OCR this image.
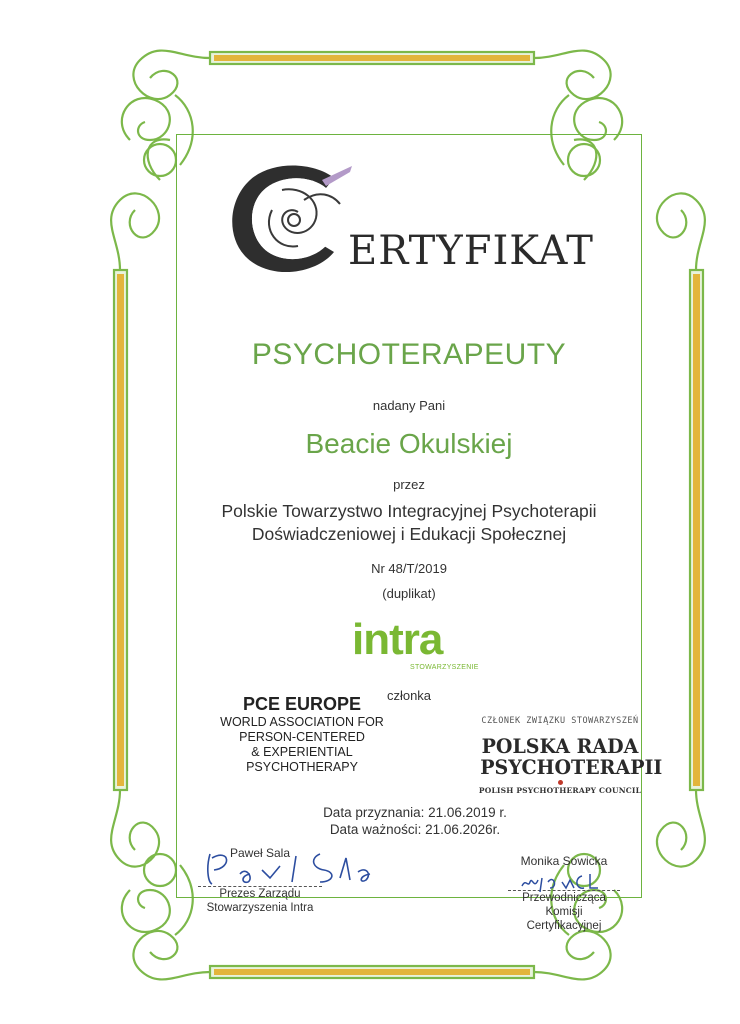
ERTYFIKAT
PSYCHOTERAPEUTY
nadany Pani
Beacie Okulskiej
przez
Polskie Towarzystwo Integracyjnej Psychoterapii
Doświadczeniowej i Edukacji Społecznej
Nr 48/T/2019
(duplikat)
intra
STOWARZYSZENIE
członka
PCE EUROPE
WORLD ASSOCIATION FOR
PERSON-CENTERED
& EXPERIENTIAL PSYCHOTHERAPY
CZŁONEK ZWIĄZKU STOWARZYSZEŃ
POLSKA RADA
PSYCHOTERAPII
POLISH PSYCHOTHERAPY COUNCIL
Data przyznania: 21.06.2019 r.
Data ważności: 21.06.2026r.
Paweł Sala
Prezes Zarządu
Stowarzyszenia Intra
Monika Sowicka
Przewodnicząca
Komisji Certyfikacyjnej
